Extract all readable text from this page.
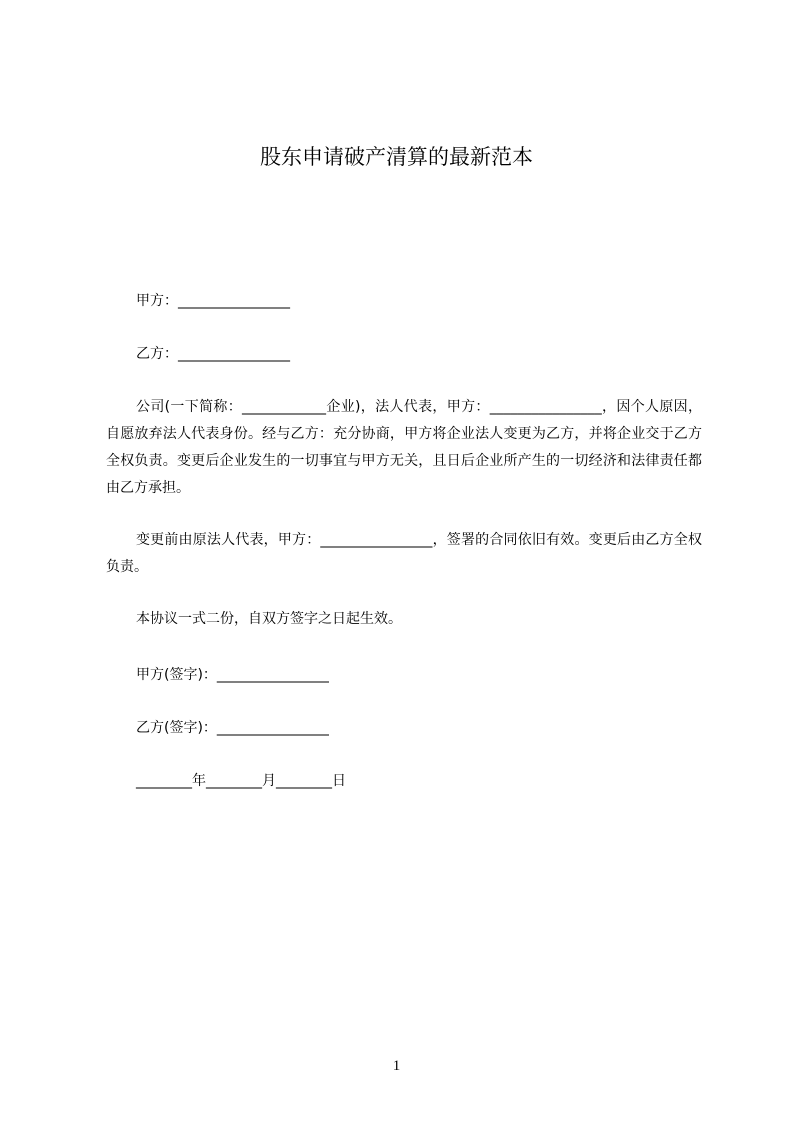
股东申请破产清算的最新范本
甲方：________________
乙方：________________

公司(一下简称：____________企业)，法人代表，甲方：________________，因个人原因，自愿放弃法人代表身份。经与乙方：充分协商，甲方将企业法人变更为乙方，并将企业交于乙方全权负责。变更后企业发生的一切事宜与甲方无关，且日后企业所产生的一切经济和法律责任都由乙方承担。

变更前由原法人代表，甲方：________________，签署的合同依旧有效。变更后由乙方全权负责。

本协议一式二份，自双方签字之日起生效。

甲方(签字)：________________
乙方(签字)：________________
________年________月________日
1
